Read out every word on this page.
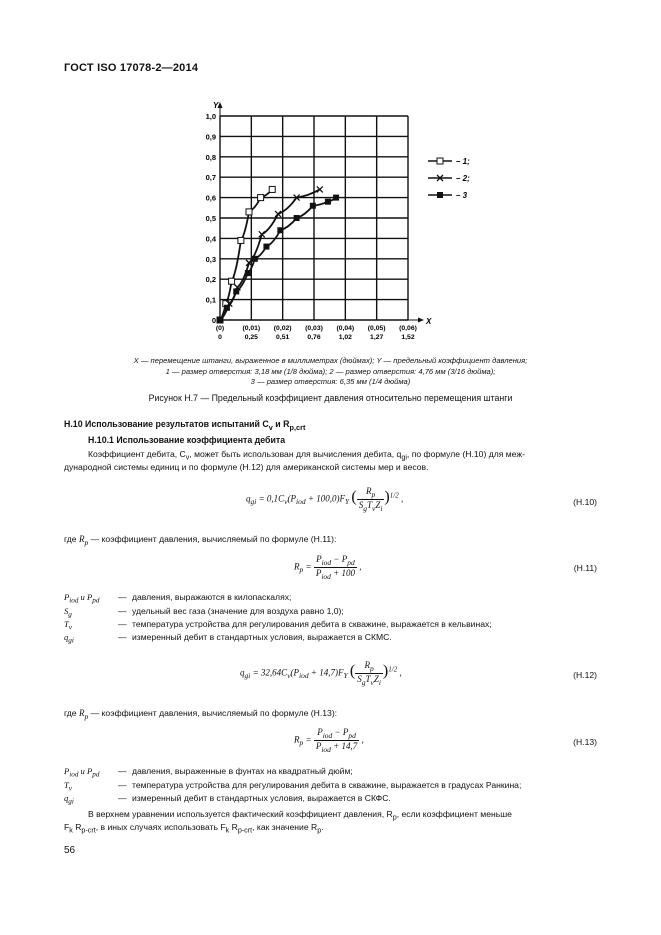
ГОСТ ISO 17078-2—2014
0
0,1
0,2
0,3
0,4
0,5
0,6
0,7
0,8
0,9
1,0
Y
X
(0)
0
(0,01)
0,25
(0,02)
0,51
(0,03)
0,76
(0,04)
1,02
(0,05)
1,27
(0,06)
1,52
– 1;
– 2;
– 3
X — перемещение штанги, выраженное в миллиметрах (дюймах); Y — предельный коэффициент давления;
1 — размер отверстия: 3,18 мм (1/8 дюйма); 2 — размер отверстия: 4,76 мм (3/16 дюйма);
3 — размер отверстия: 6,35 мм (1/4 дюйма)
Рисунок Н.7 — Предельный коэффициент давления относительно перемещения штанги
Н.10 Использование результатов испытаний $C_v$ и $R_{p,crt}$
Н.10.1 Использование коэффициента дебита
Коэффициент дебита, $C_v$, может быть использован для вычисления дебита, $q_{gi}$, по формуле (Н.10) для меж-
дународной системы единиц и по формуле (Н.12) для американской системы мер и весов.
$q_{gi} = 0,1C_v(P_{iod} + 100,0)F_Y$ ( $\frac{R_p}{S_gT_vZ_i} )^{1/2}$ ,	(Н.10)
где $R_p$ — коэффициент давления, вычисляемый по формуле (Н.11):
$R_p = \frac{P_{iod} - P_{pd}}{P_{iod} + 100}$ ,	(Н.11)
$P_{iod}$ и $P_{pd}$ — давления, выражаются в килопаскалях;
$S_g$	— удельный вес газа (значение для воздуха равно 1,0);
$T_v$	— температура устройства для регулирования дебита в скважине, выражается в кельвинах;
$q_{gi}$	— измеренный дебит в стандартных условия, выражается в СКМС.
$q_{gi} = 32,64C_v(P_{iod} + 14,7)F_Y$ ( $\frac{R_p}{S_gT_vZ_i} )^{1/2}$ ,	(Н.12)
где $R_p$ — коэффициент давления, вычисляемый по формуле (Н.13):
$R_p = \frac{P_{iod} - P_{pd}}{P_{iod} + 14,7}$ ,	(Н.13)
$P_{iod}$ и $P_{pd}$ — давления, выраженные в фунтах на квадратный дюйм;
$T_v$	— температура устройства для регулирования дебита в скважине, выражается в градусах Ранкина;
$q_{gi}$	— измеренный дебит в стандартных условия, выражается в СКФС.
В верхнем уравнении используется фактический коэффициент давления, $R_p$, если коэффициент меньше
$F_k$ $R_{p-crt}$, в иных случаях использовать $F_k$ $R_{p-crt}$, как значение $R_p$.
56
